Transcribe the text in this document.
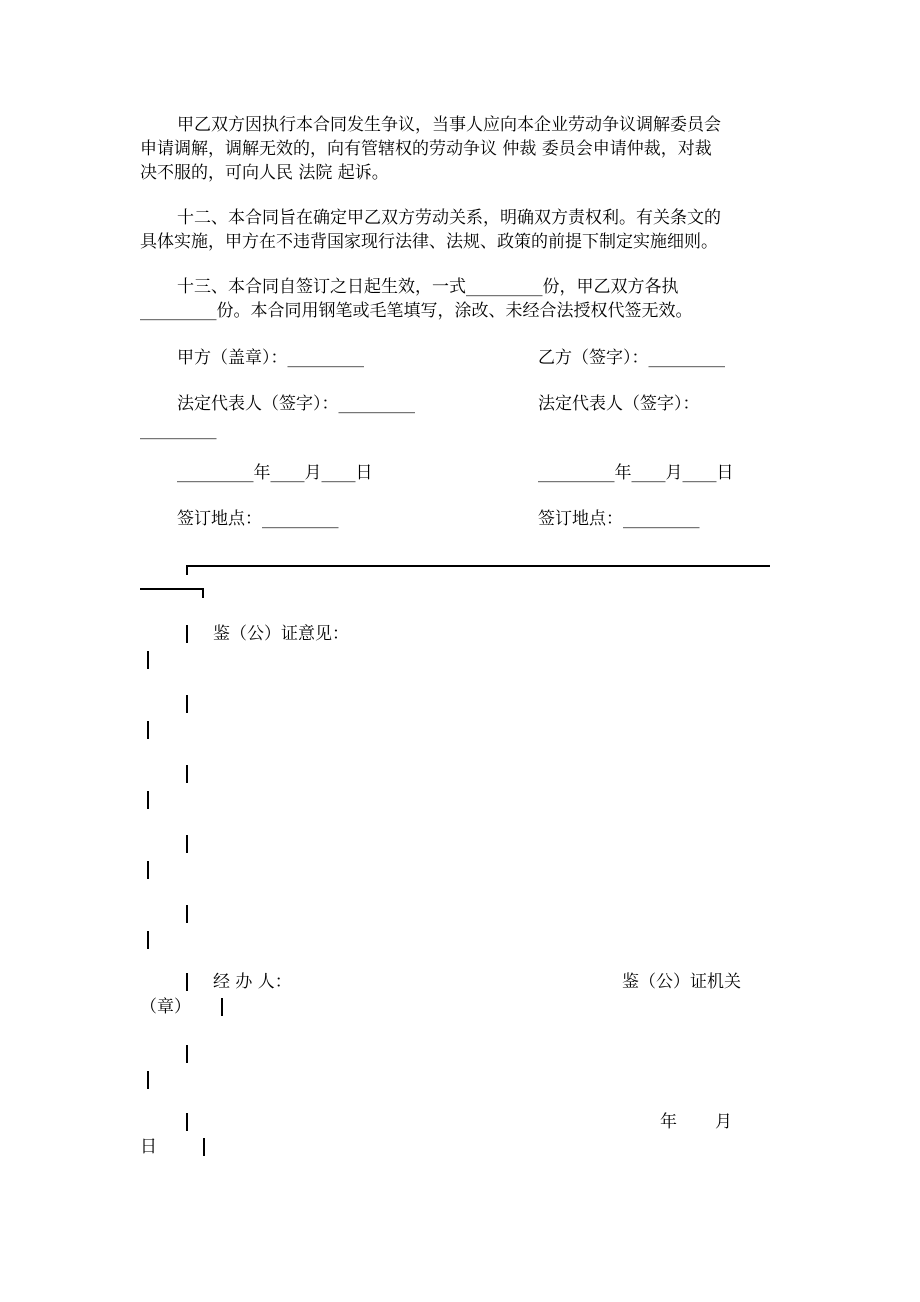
甲乙双方因执行本合同发生争议，当事人应向本企业劳动争议调解委员会

申请调解，调解无效的，向有管辖权的劳动争议 仲裁 委员会申请仲裁，对裁

决不服的，可向人民 法院 起诉。

十二、本合同旨在确定甲乙双方劳动关系，明确双方责权利。有关条文的

具体实施，甲方在不违背国家现行法律、法规、政策的前提下制定实施细则。

十三、本合同自签订之日起生效，一式_________份，甲乙双方各执

_________份。本合同用钢笔或毛笔填写，涂改、未经合法授权代签无效。

甲方（盖章）：_________	乙方（签字）：_________

法定代表人（签字）：_________	法定代表人（签字）：

_________

_________年____月____日	_________年____月____日

签订地点：_________	签订地点：_________

鉴（公）证意见：

经 办 人：	鉴（公）证机关

（章）

年 月

日
